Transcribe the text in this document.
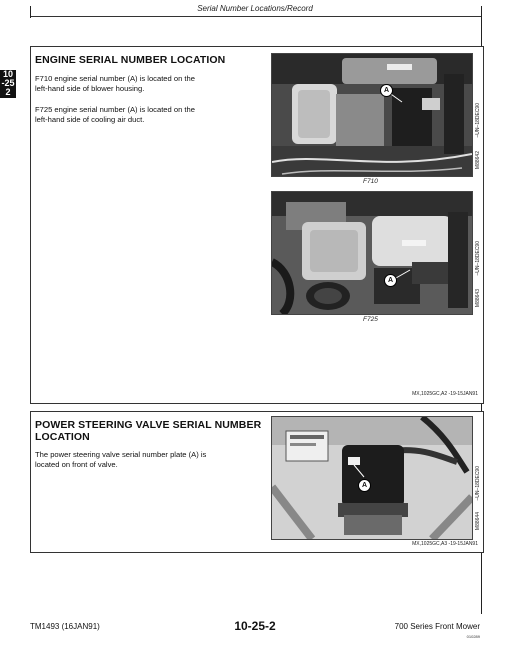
Serial Number Locations/Record
10
-25
2
ENGINE SERIAL NUMBER LOCATION
F710 engine serial number (A) is located on the
left-hand side of blower housing.
F725 engine serial number (A) is located on the
left-hand side of cooling air duct.
A
–UN–18DEC90
M88642
F710
A
–UN–18DEC90
M88643
F725
MX,1025GC,A2 -19-15JAN91
POWER STEERING VALVE SERIAL NUMBER
LOCATION
The power steering valve serial number plate (A) is
located on front of valve.
A	–UN–18DEC90
M88644
MX,1025GC,A3 -19-15JAN91
TM1493 (16JAN91)	10-25-2	700 Series Front Mower
010289
